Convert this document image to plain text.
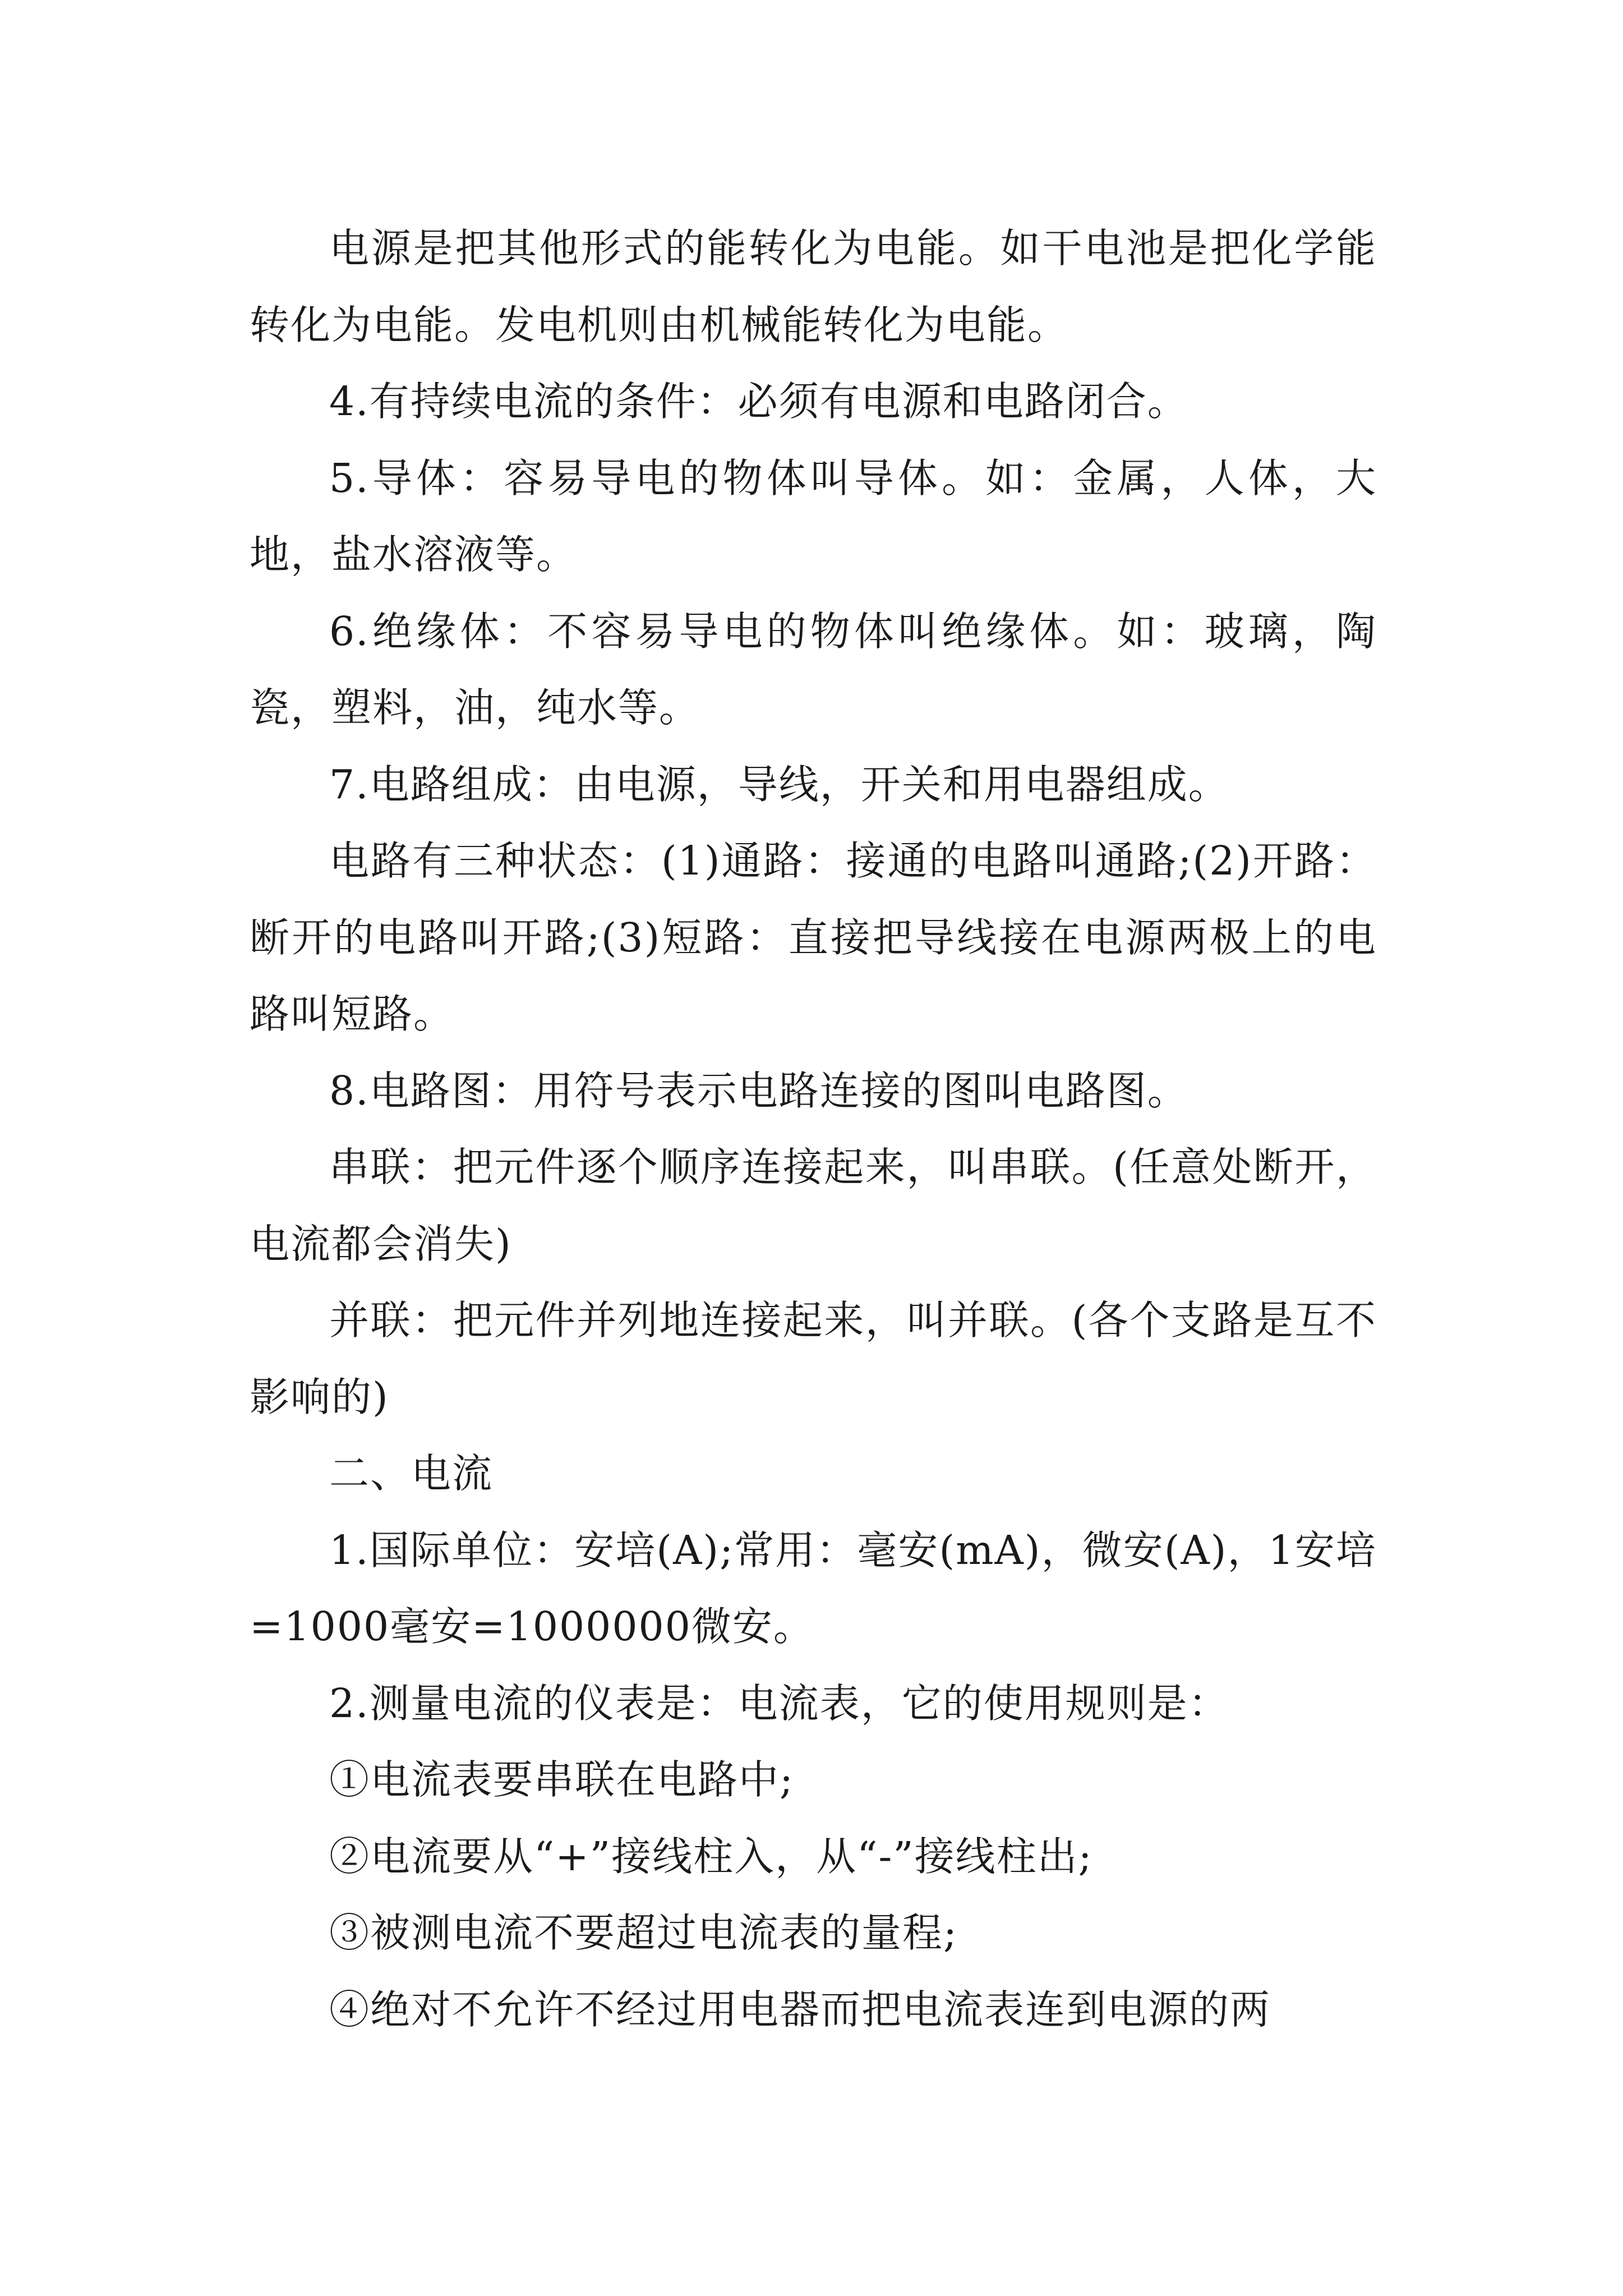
电源是把其他形式的能转化为电能。如干电池是把化学能转化为电能。发电机则由机械能转化为电能。

4.有持续电流的条件：必须有电源和电路闭合。

5.导体：容易导电的物体叫导体。如：金属，人体，大地，盐水溶液等。

6.绝缘体：不容易导电的物体叫绝缘体。如：玻璃，陶瓷，塑料，油，纯水等。

7.电路组成：由电源，导线，开关和用电器组成。

电路有三种状态：(1)通路：接通的电路叫通路;(2)开路：断开的电路叫开路;(3)短路：直接把导线接在电源两极上的电路叫短路。

8.电路图：用符号表示电路连接的图叫电路图。

串联：把元件逐个顺序连接起来，叫串联。(任意处断开，电流都会消失)

并联：把元件并列地连接起来，叫并联。(各个支路是互不影响的)

二、电流

1.国际单位：安培(A);常用：毫安(mA)，微安(A)，1安培=1000毫安=1000000微安。

2.测量电流的仪表是：电流表，它的使用规则是：

①电流表要串联在电路中;

②电流要从“+”接线柱入，从“-”接线柱出;

③被测电流不要超过电流表的量程;

④绝对不允许不经过用电器而把电流表连到电源的两
